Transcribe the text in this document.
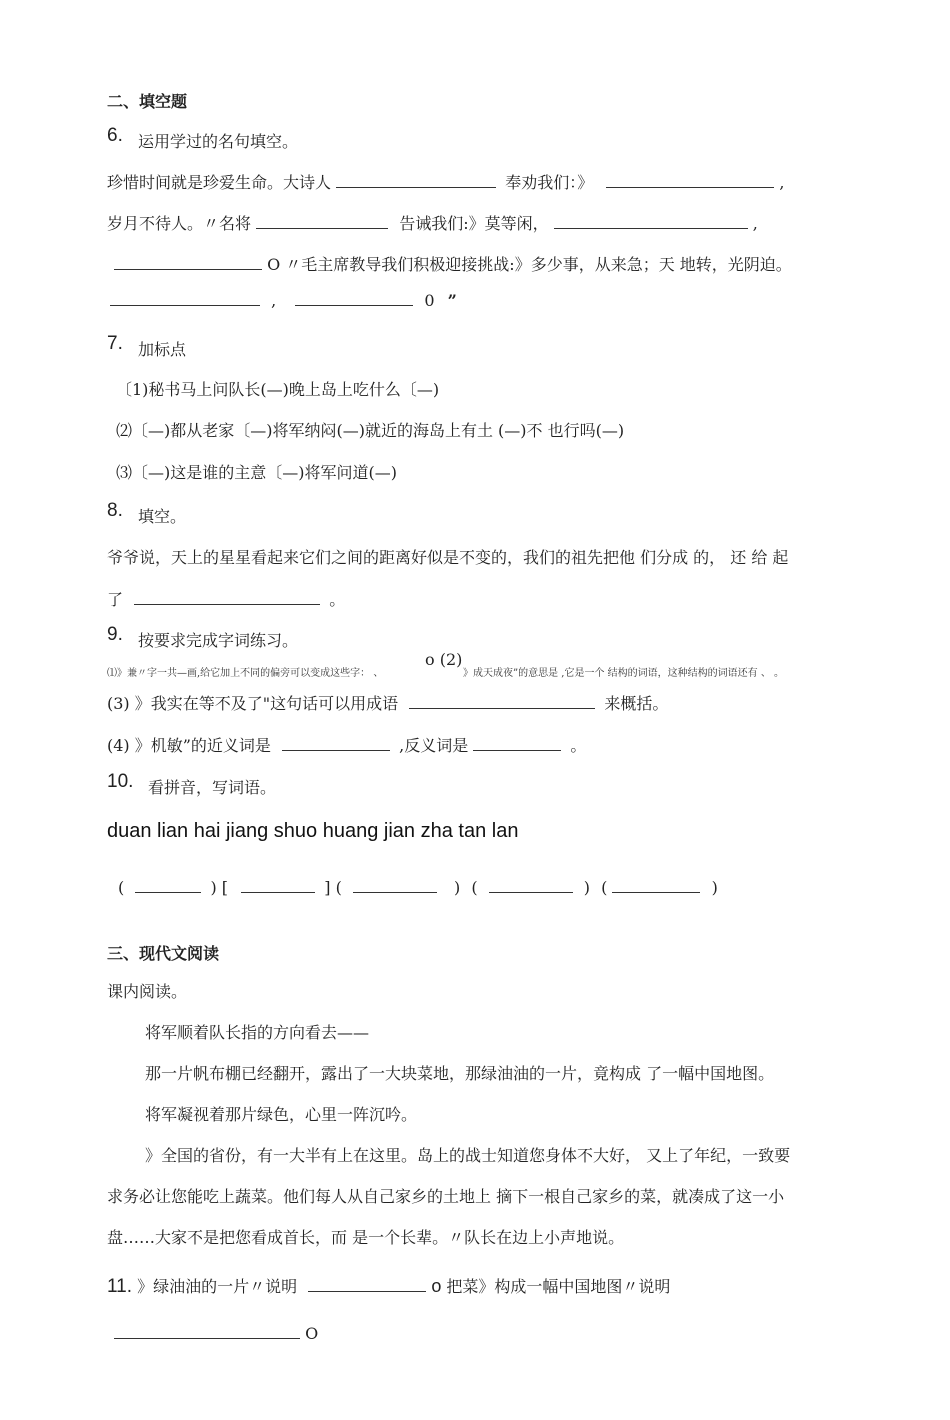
二、填空题
6. 运用学过的名句填空。
珍惜时间就是珍爱生命。大诗人	奉劝我们：》	,
岁月不待人。〃名将	告诫我们:》莫等闲，	,
O 〃毛主席教导我们积极迎接挑战:》多少事，从来急；天 地转，光阴迫。
,	0 ”
7. 加标点
〔1)秘书马上问队长(—)晚上岛上吃什么〔—)
⑵〔—)都从老家〔—)将军纳闷(—)就近的海岛上有土 (—)不 也行吗(—)
⑶〔—)这是谁的主意〔—)将军问道(—)
8. 填空。
爷爷说，天上的星星看起来它们之间的距离好似是不变的，我们的祖先把他 们分成 的， 还 给 起
了	。
9. 按要求完成字词练习。
⑴》兼〃字一共—画,给它加上不同的偏旁可以变成这些字： 、
o (2)
》成天成夜”的意思是 ,它是一个 结构的词语，这种结构的词语还有 、 。
(3) 》我实在等不及了"这句话可以用成语	来概括。
(4) 》机敏”的近义词是	,反义词是	。
10. 看拼音，写词语。
duan lian hai jiang shuo huang jian zha tan lan
(	) [	] (	) (	) (	)
三、现代文阅读
课内阅读。
将军顺着队长指的方向看去——
那一片帆布棚已经翻开，露出了一大块菜地，那绿油油的一片，竟构成 了一幅中国地图。
将军凝视着那片绿色，心里一阵沉吟。
》全国的省份，有一大半有上在这里。岛上的战士知道您身体不大好， 又上了年纪，一致要
求务必让您能吃上蔬菜。他们每人从自己家乡的土地上 摘下一根自己家乡的菜，就凑成了这一小
盘……大家不是把您看成首长，而 是一个长辈。〃队长在边上小声地说。
11. 》绿油油的一片〃说明	o 把菜》构成一幅中国地图〃说明
O
